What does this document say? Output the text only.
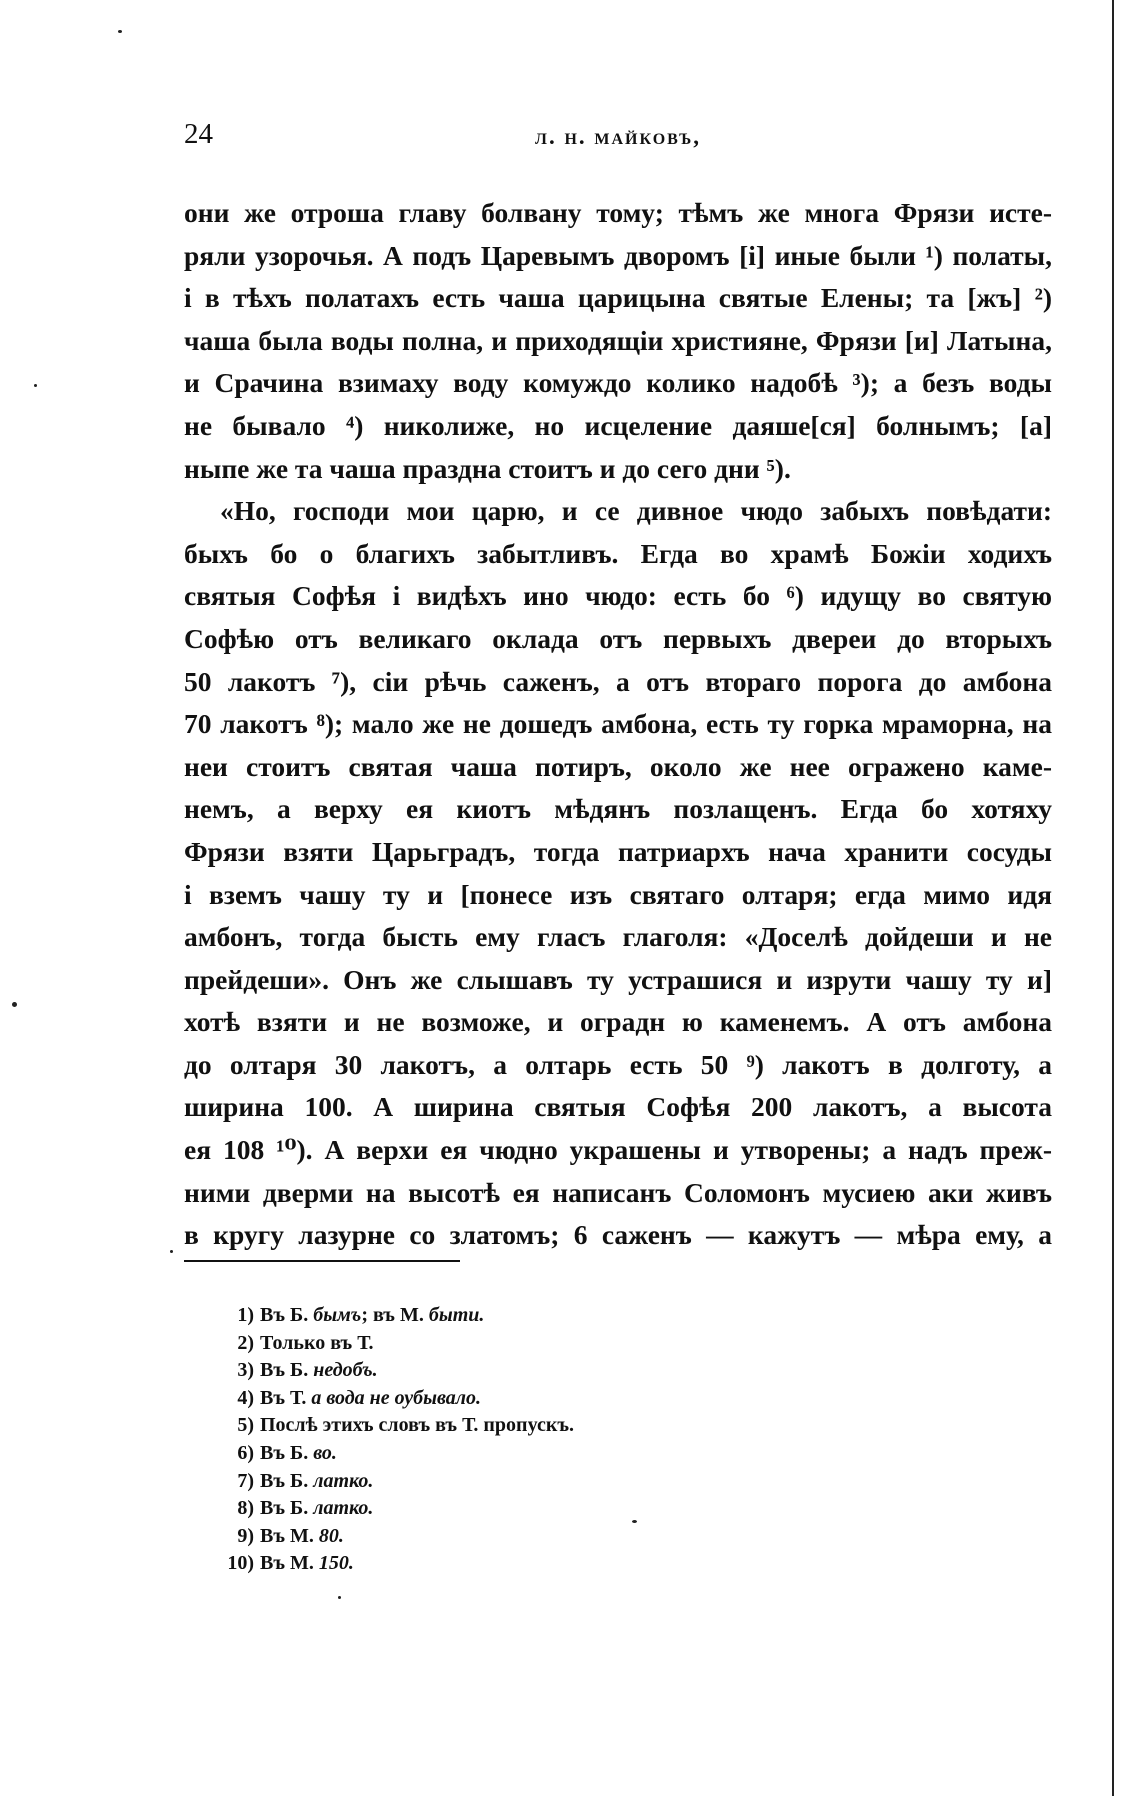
24	л. н. майковъ,
они же отроша главу болвану тому; тѣмъ же многа Фрязи исте-
ряли узорочья. А подъ Царевымъ дворомъ [і] иные были ¹) полаты,
і в тѣхъ полатахъ есть чаша царицына святые Елены; та [жъ] ²)
чаша была воды полна, и приходящіи християне, Фрязи [и] Латына,
и Срачина взимаху воду комуждо колико надобѣ ³); а безъ воды
не бывало ⁴) николиже, но исцеление даяше[ся] болнымъ; [а]
ныпе же та чаша праздна стоитъ и до сего дни ⁵).
«Но, господи мои царю, и се дивное чюдо забыхъ повѣдати:
быхъ бо о благихъ забытливъ. Егда во храмѣ Божіи ходихъ
святыя Софѣя і видѣхъ ино чюдо: есть бо ⁶) идущу во святую
Софѣю отъ великаго оклада отъ первыхъ двереи до вторыхъ
50 лакотъ ⁷), сіи рѣчь саженъ, а отъ втораго порога до амбона
70 лакотъ ⁸); мало же не дошедъ амбона, есть ту горка мраморна, на
неи стоитъ святая чаша потиръ, около же нее огражено каме-
немъ, а верху ея киотъ мѣдянъ позлащенъ. Егда бо хотяху
Фрязи взяти Царьградъ, тогда патриархъ нача хранити сосуды
і вземъ чашу ту и [понесе изъ святаго олтаря; егда мимо идя
амбонъ, тогда бысть ему гласъ глаголя: «Доселѣ дойдеши и не
прейдеши». Онъ же слышавъ ту устрашися и изрути чашу ту и]
хотѣ взяти и не возможе, и оградн ю каменемъ. А отъ амбона
до олтаря 30 лакотъ, а олтарь есть 50 ⁹) лакотъ в долготу, а
ширина 100. А ширина святыя Софѣя 200 лакотъ, а высота
ея 108 ¹⁰). А верхи ея чюдно украшены и утворены; а надъ преж-
ними дверми на высотѣ ея написанъ Соломонъ мусиею аки живъ
в кругу лазурне со златомъ; 6 саженъ — кажутъ — мѣра ему, а
1) Въ Б. бымъ; въ М. быти.
2) Только въ Т.
3) Въ Б. недобъ.
4) Въ Т. а вода не оубывало.
5) Послѣ этихъ словъ въ Т. пропускъ.
6) Въ Б. во.
7) Въ Б. латко.
8) Въ Б. латко.
9) Въ М. 80.
10) Въ М. 150.
